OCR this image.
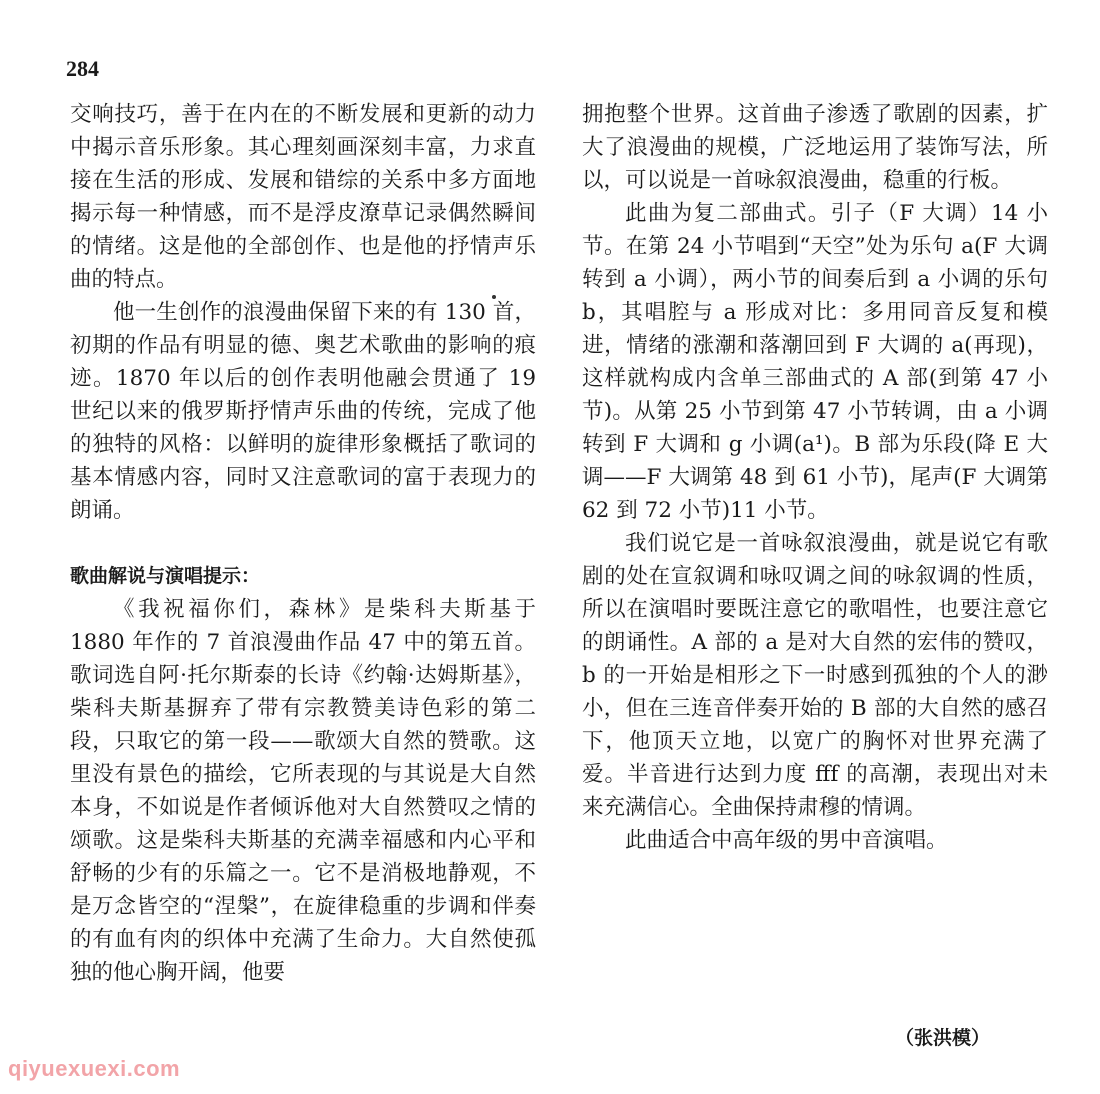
284

交响技巧，善于在内在的不断发展和更新的动力中揭示音乐形象。其心理刻画深刻丰富，力求直接在生活的形成、发展和错综的关系中多方面地揭示每一种情感，而不是浮皮潦草记录偶然瞬间的情绪。这是他的全部创作、也是他的抒情声乐曲的特点。

他一生创作的浪漫曲保留下来的有 130 首，初期的作品有明显的德、奥艺术歌曲的影响的痕迹。1870 年以后的创作表明他融会贯通了 19 世纪以来的俄罗斯抒情声乐曲的传统，完成了他的独特的风格：以鲜明的旋律形象概括了歌词的基本情感内容，同时又注意歌词的富于表现力的朗诵。

歌曲解说与演唱提示：

《我祝福你们，森林》是柴科夫斯基于 1880 年作的 7 首浪漫曲作品 47 中的第五首。歌词选自阿·托尔斯泰的长诗《约翰·达姆斯基》，柴科夫斯基摒弃了带有宗教赞美诗色彩的第二段，只取它的第一段——歌颂大自然的赞歌。这里没有景色的描绘，它所表现的与其说是大自然本身，不如说是作者倾诉他对大自然赞叹之情的颂歌。这是柴科夫斯基的充满幸福感和内心平和舒畅的少有的乐篇之一。它不是消极地静观，不是万念皆空的“涅槃”，在旋律稳重的步调和伴奏的有血有肉的织体中充满了生命力。大自然使孤独的他心胸开阔，他要

拥抱整个世界。这首曲子渗透了歌剧的因素，扩大了浪漫曲的规模，广泛地运用了装饰写法，所以，可以说是一首咏叙浪漫曲，稳重的行板。

此曲为复二部曲式。引子（F 大调）14 小节。在第 24 小节唱到“天空”处为乐句 a(F 大调转到 a 小调），两小节的间奏后到 a 小调的乐句 b，其唱腔与 a 形成对比：多用同音反复和模进，情绪的涨潮和落潮回到 F 大调的 a(再现)，这样就构成内含单三部曲式的 A 部(到第 47 小节)。从第 25 小节到第 47 小节转调，由 a 小调转到 F 大调和 g 小调(a¹)。B 部为乐段(降 E 大调——F 大调第 48 到 61 小节)，尾声(F 大调第 62 到 72 小节)11 小节。

我们说它是一首咏叙浪漫曲，就是说它有歌剧的处在宣叙调和咏叹调之间的咏叙调的性质，所以在演唱时要既注意它的歌唱性，也要注意它的朗诵性。A 部的 a 是对大自然的宏伟的赞叹，b 的一开始是相形之下一时感到孤独的个人的渺小，但在三连音伴奏开始的 B 部的大自然的感召下，他顶天立地，以宽广的胸怀对世界充满了爱。半音进行达到力度 fff 的高潮，表现出对未来充满信心。全曲保持肃穆的情调。

此曲适合中高年级的男中音演唱。

（张洪模）
qiyuexuexi.com
